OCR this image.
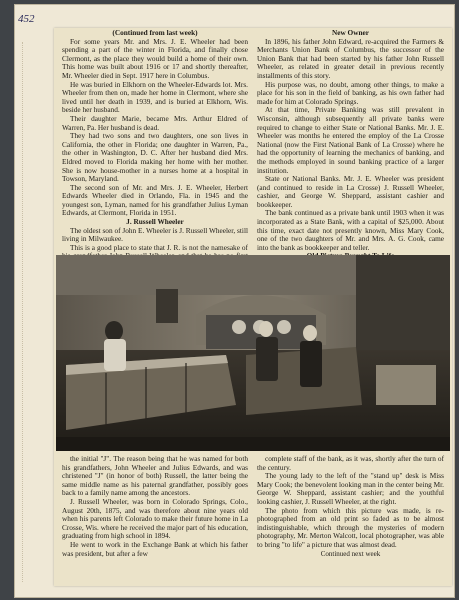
452

(Continued from last week)

For some years Mr. and Mrs. J. E. Wheeler had been spending a part of the winter in Florida, and finally chose Clermont, as the place they would build a home of their own. This home was built about 1916 or 17 and shortly thereafter, Mr. Wheeler died in Sept. 1917 here in Columbus.

He was buried in Elkhorn on the Wheeler-Edwards lot. Mrs. Wheeler from then on, made her home in Clermont, where she lived until her death in 1939, and is buried at Elkhorn, Wis. beside her husband.

Their daughter Marie, became Mrs. Arthur Eldred of Warren, Pa. Her husband is dead.

They had two sons and two daughters, one son lives in California, the other in Florida; one daughter in Warren, Pa., the other in Washington, D. C. After her husband died Mrs. Eldred moved to Florida making her home with her mother. She is now house-mother in a nurses home at a hospital in Towson, Maryland.

The second son of Mr. and Mrs. J. E. Wheeler, Herbert Edwards Wheeler died in Orlando, Fla. in 1945 and the youngest son, Lyman, named for his grandfather Julius Lyman Edwards, at Clermont, Florida in 1951.

J. Russell Wheeler

The oldest son of John E. Wheeler is J. Russell Wheeler, still living in Milwaukee.

This is a good place to state that J. R. is not the namesake of

New Owner

In 1896, his father John Edward, re-acquired the Farmers & Merchants Union Bank of Columbus, the successor of the Union Bank that had been started by his father John Russell Wheeler, as related in greater detail in previous recently installments of this story.

His purpose was, no doubt, among other things, to make a place for his son in the field of banking, as his own father had made for him at Colorado Springs.

At that time, Private Banking was still prevalent in Wisconsin, although subsequently all private banks were required to change to either State or National Banks. Mr. J. E. Wheeler was months he entered the employ of the La Crosse National (now the First National Bank of La Crosse) where he had the opportunity of learning the mechanics of banking, and the methods employed in sound banking practice of a larger institution.

State or National Banks. Mr. J. E. Wheeler was president (and continued to reside in La Crosse) J. Russell Wheeler, cashier, and George W. Sheppard, assistant cashier and bookkeeper.

The bank continued as a private bank until 1903 when it was incorporated as a State Bank, with a capital of $25,000. About this time, exact date not presently known, Miss Mary Cook, one of the two daughters of Mr. and Mrs. A. G. Cook, came into the bank as bookkeeper and teller.

the initial "J". The reason being that he was named for both his grandfathers, John Wheeler and Julius Edwards, and was christened "J" (in honor of both) Russell, the latter being the same middle name as his paternal grandfather, possibly goes back to a family name among the ancestors.

J. Russell Wheeler, was born in Colorado Springs, Colo., August 20th, 1875, and was therefore about nine years old when his parents left Colorado to make their future home in La Crosse, Wis. where he received the major part of his education, graduating from high school in 1894.

He went to work in the Exchange Bank at which his father was president, but after a few

complete staff of the bank, as it was, shortly after the turn of the century.

The young lady to the left of the "stand up" desk is Miss Mary Cook; the benevolent looking man in the center being Mr. George W. Sheppard, assistant cashier; and the youthful looking cashier, J. Russell Wheeler, at the right.

The photo from which this picture was made, is re-photographed from an old print so faded as to be almost indistinguishable, which through the mysteries of modern photography, Mr. Merton Walcott, local photographer, was able to bring "to life" a picture that was almost dead.

Continued next week
